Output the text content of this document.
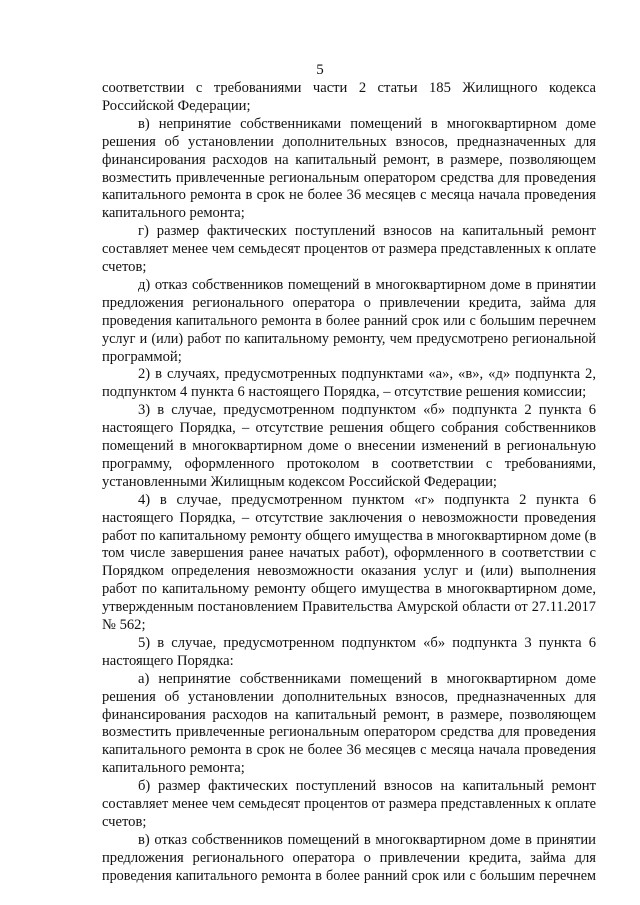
5
соответствии с требованиями части 2 статьи 185 Жилищного кодекса
Российской Федерации;
в) непринятие собственниками помещений в многоквартирном доме
решения об установлении дополнительных взносов, предназначенных для
финансирования расходов на капитальный ремонт, в размере, позволяющем
возместить привлеченные региональным оператором средства для проведения
капитального ремонта в срок не более 36 месяцев с месяца начала проведения
капитального ремонта;
г) размер фактических поступлений взносов на капитальный ремонт
составляет менее чем семьдесят процентов от размера представленных к оплате
счетов;
д) отказ собственников помещений в многоквартирном доме в принятии
предложения регионального оператора о привлечении кредита, займа для
проведения капитального ремонта в более ранний срок или с большим перечнем
услуг и (или) работ по капитальному ремонту, чем предусмотрено региональной
программой;
2) в случаях, предусмотренных подпунктами «а», «в», «д» подпункта 2,
подпунктом 4 пункта 6 настоящего Порядка, – отсутствие решения комиссии;
3) в случае, предусмотренном подпунктом «б» подпункта 2 пункта 6
настоящего Порядка, – отсутствие решения общего собрания собственников
помещений в многоквартирном доме о внесении изменений в региональную
программу, оформленного протоколом в соответствии с требованиями,
установленными Жилищным кодексом Российской Федерации;
4) в случае, предусмотренном пунктом «г» подпункта 2 пункта 6
настоящего Порядка, – отсутствие заключения о невозможности проведения
работ по капитальному ремонту общего имущества в многоквартирном доме (в
том числе завершения ранее начатых работ), оформленного в соответствии с
Порядком определения невозможности оказания услуг и (или) выполнения
работ по капитальному ремонту общего имущества в многоквартирном доме,
утвержденным постановлением Правительства Амурской области от 27.11.2017
№ 562;
5) в случае, предусмотренном подпунктом «б» подпункта 3 пункта 6
настоящего Порядка:
а) непринятие собственниками помещений в многоквартирном доме
решения об установлении дополнительных взносов, предназначенных для
финансирования расходов на капитальный ремонт, в размере, позволяющем
возместить привлеченные региональным оператором средства для проведения
капитального ремонта в срок не более 36 месяцев с месяца начала проведения
капитального ремонта;
б) размер фактических поступлений взносов на капитальный ремонт
составляет менее чем семьдесят процентов от размера представленных к оплате
счетов;
в) отказ собственников помещений в многоквартирном доме в принятии
предложения регионального оператора о привлечении кредита, займа для
проведения капитального ремонта в более ранний срок или с большим перечнем
